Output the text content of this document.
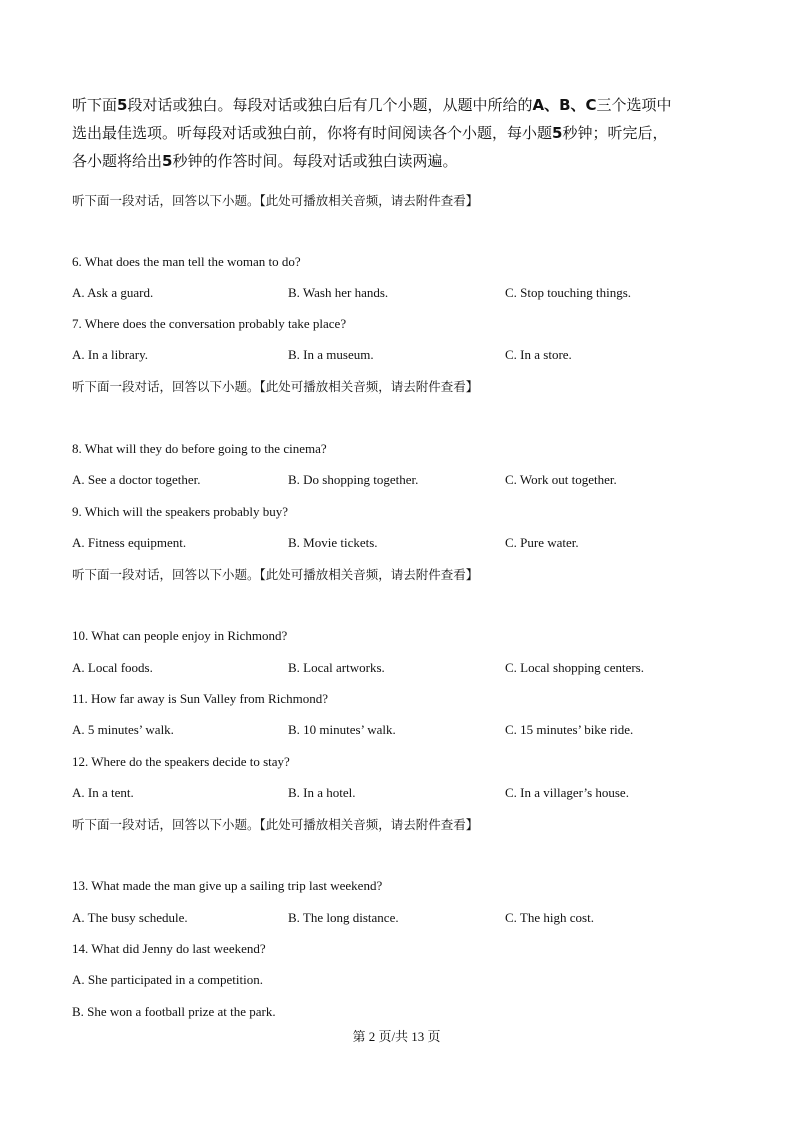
听下面5段对话或独白。每段对话或独白后有几个小题，从题中所给的A、B、C三个选项中
选出最佳选项。听每段对话或独白前，你将有时间阅读各个小题，每小题5秒钟；听完后，
各小题将给出5秒钟的作答时间。每段对话或独白读两遍。

听下面一段对话，回答以下小题。【此处可播放相关音频，请去附件查看】
6. What does the man tell the woman to do?
A. Ask a guard.	B. Wash her hands.	C. Stop touching things.
7. Where does the conversation probably take place?
A. In a library.	B. In a museum.	C. In a store.
听下面一段对话，回答以下小题。【此处可播放相关音频，请去附件查看】
8. What will they do before going to the cinema?
A. See a doctor together.	B. Do shopping together.	C. Work out together.
9. Which will the speakers probably buy?
A. Fitness equipment.	B. Movie tickets.	C. Pure water.
听下面一段对话，回答以下小题。【此处可播放相关音频，请去附件查看】
10. What can people enjoy in Richmond?
A. Local foods.	B. Local artworks.	C. Local shopping centers.
11. How far away is Sun Valley from Richmond?
A. 5 minutes’ walk.	B. 10 minutes’ walk.	C. 15 minutes’ bike ride.
12. Where do the speakers decide to stay?
A. In a tent.	B. In a hotel.	C. In a villager’s house.
听下面一段对话，回答以下小题。【此处可播放相关音频，请去附件查看】
13. What made the man give up a sailing trip last weekend?
A. The busy schedule.	B. The long distance.	C. The high cost.
14. What did Jenny do last weekend?
A. She participated in a competition.
B. She won a football prize at the park.
第 2 页/共 13 页
